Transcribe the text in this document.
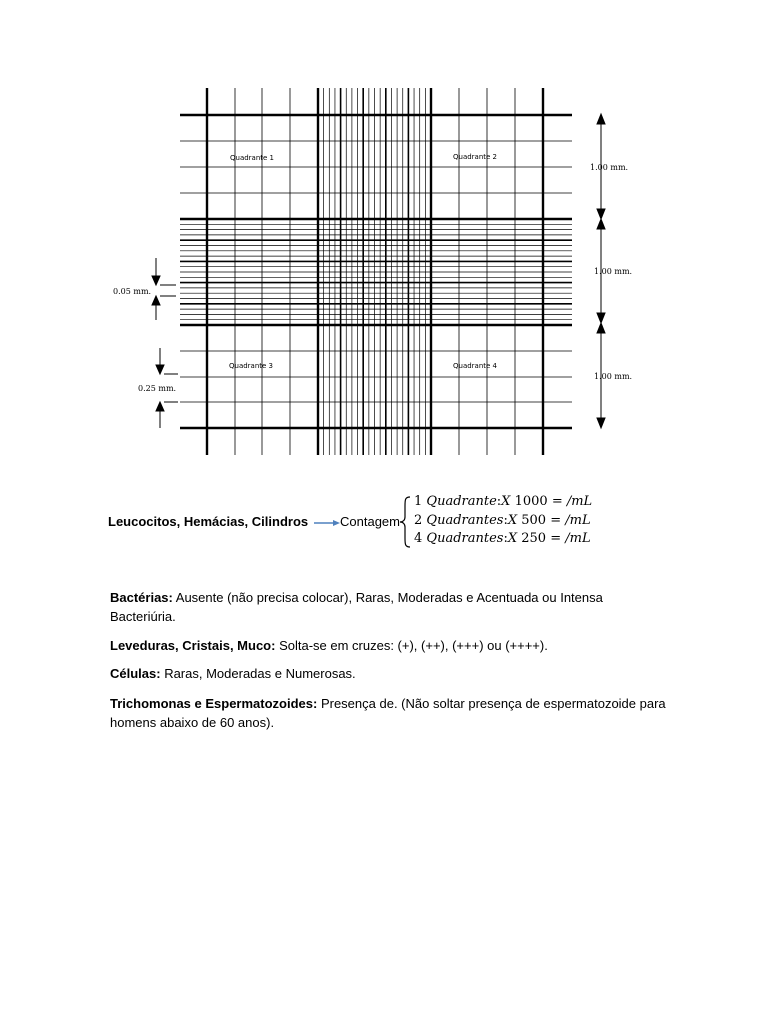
Quadrante 1	Quadrante 2
Quadrante 3	Quadrante 4
1.00 mm.
1.00 mm.
1.00 mm.
0.05 mm.
0.25 mm.
Leucocitos, Hemácias, Cilindros Contagem
1 Quadrante:X 1000 = /mL
2 Quadrantes:X 500 = /mL
4 Quadrantes:X 250 = /mL
Bactérias: Ausente (não precisa colocar), Raras, Moderadas e Acentuada ou Intensa Bacteriúria.
Leveduras, Cristais, Muco: Solta-se em cruzes: (+), (++), (+++) ou (++++).
Células: Raras, Moderadas e Numerosas.
Trichomonas e Espermatozoides: Presença de. (Não soltar presença de espermatozoide para homens abaixo de 60 anos).
